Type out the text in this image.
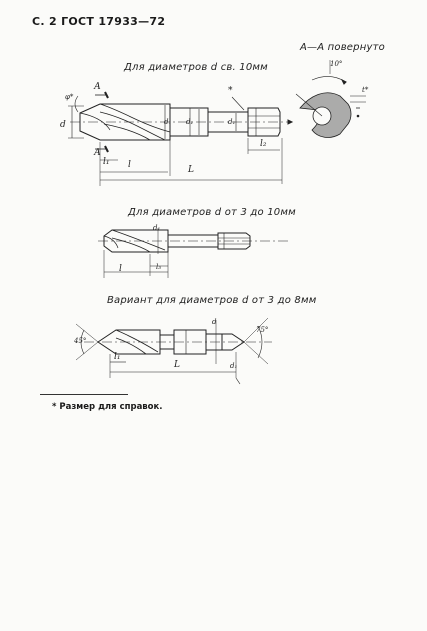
С. 2 ГОСТ 17933—72
А—А повернуто
10°
t*
Для диаметров d св. 10мм
А
А
φ*
d	d₁ d₁	d₁
*
l₁ l	L
l₂
Для диаметров d от 3 до 10мм
d₁
l	l₃
Вариант для диаметров d от 3 до 8мм
45°
75°
d
l₁
L	d₁
* Размер для справок.
